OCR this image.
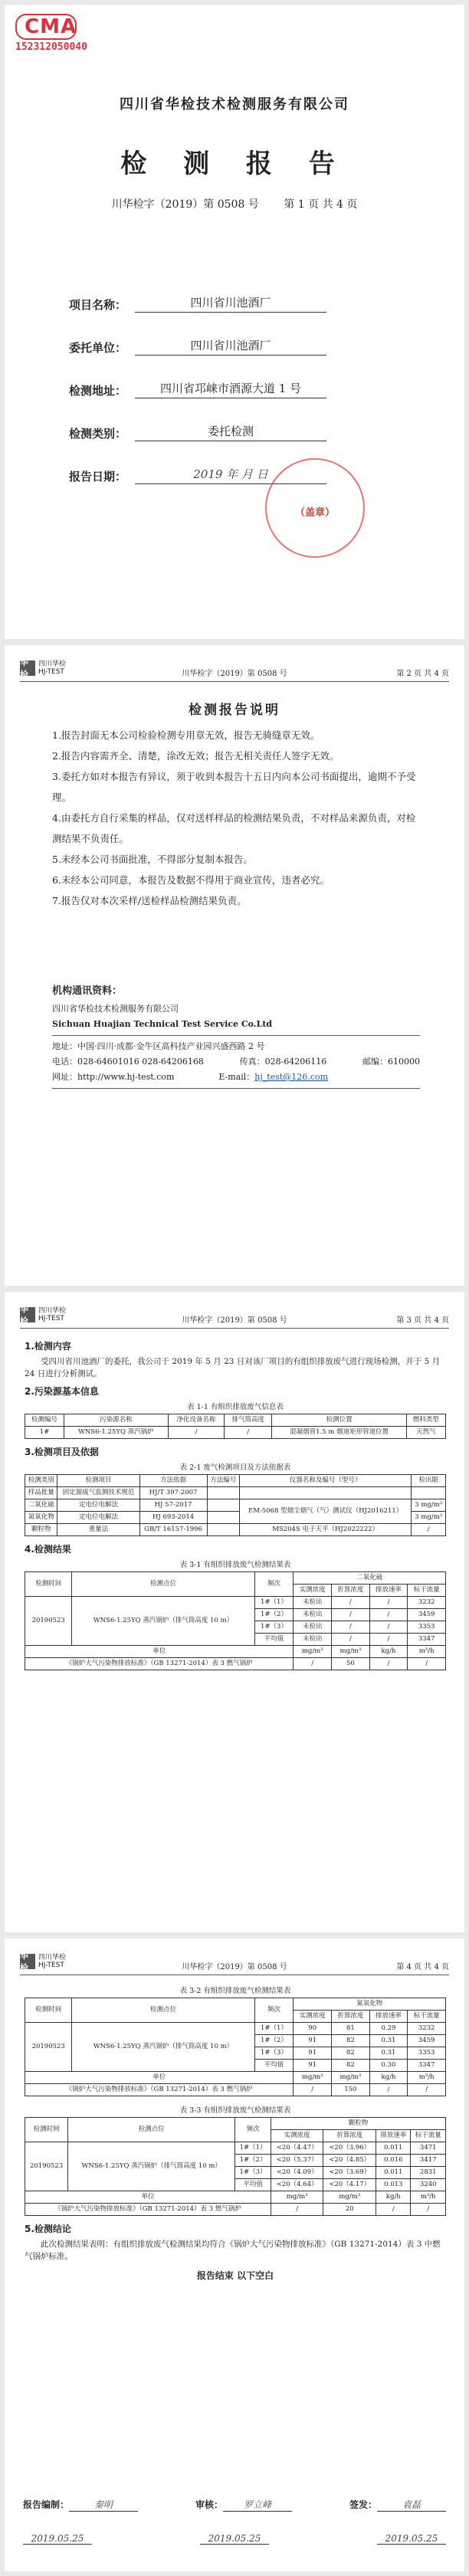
CMA
152312050040
四川省华检技术检测服务有限公司
检 测 报 告
川华检字（2019）第 0508 号 第 1 页 共 4 页
项目名称：	四川省川池酒厂
委托单位：	四川省川池酒厂
检测地址：	四川省邛崃市酒源大道 1 号
检测类别：	委托检测
报告日期：	2019 年 月 日
（盖章）
华检
四川华检
HJ-TEST	川华检字（2019）第 0508 号	第 2 页 共 4 页
检测报告说明
1.报告封面无本公司检验检测专用章无效，报告无骑缝章无效。
2.报告内容需齐全、清楚，涂改无效；报告无相关责任人签字无效。
3.委托方如对本报告有异议，须于收到本报告十五日内向本公司书面提出，逾期不予受理。
4.由委托方自行采集的样品，仅对送样样品的检测结果负责，不对样品来源负责，对检测结果不负责任。
5.未经本公司书面批准，不得部分复制本报告。
6.未经本公司同意，本报告及数据不得用于商业宣传，违者必究。
7.报告仅对本次采样/送检样品检测结果负责。
机构通讯资料：
四川省华检技术检测服务有限公司
Sichuan Huajian Technical Test Service Co.Ltd
地址：中国·四川·成都·金牛区高科技产业园兴盛西路 2 号
电话：028-64601016 028-64206168	传真：028-64206116	邮编：610000
网址：http://www.hj-test.com	E-mail：hj_test@126.com
华检
四川华检
HJ-TEST	川华检字（2019）第 0508 号	第 3 页 共 4 页
1.检测内容

受四川省川池酒厂的委托，我公司于 2019 年 5 月 23 日对该厂项目的有组织排放废气进行现场检测，并于 5 月 24 日进行分析测试。

2.污染源基本信息
表 1-1 有组织排放废气信息表
检测编号	污染源名称	净化设备名称	排气筒高度	检测位置	燃料类型
1#	WNS6-1.25YQ 蒸汽锅炉	/	/	混凝烟管1.5 m 烟道矩形管道位置	天然气
3.检测项目及依据
表 2-1 废气检测项目及方法依据表
检测类别	检测项目	方法依据	方法编号	仪器名称及编号（型号）	检出限
样品批量	固定源废气监测技术规范	HJ/T 397-2007			
二氧化硫	定电位电解法	HJ 57-2017		EM-5068 型烟尘烟气（气）测试仪（HJ2016211）	3 mg/m³
氮氧化物	定电位电解法	HJ 693-2014			3 mg/m³
颗粒物	重量法	GB/T 16157-1996		MS204S 电子天平（HJ2022222）	/
4.检测结果
表 3-1 有组织排放废气检测结果表
检测时间	检测点位	频次	二氧化硫			
			实测浓度	折算浓度	排放速率	标干流量
20190523	WNS6-1.25YQ 蒸汽锅炉（排气筒高度 10 m）	1#（1）	未检出	/	/	3232
		1#（2）	未检出	/	/	3459
		1#（3）	未检出	/	/	3353
		平均值	未检出	/	/	3347
单位			mg/m³	mg/m³	kg/h	m³/h
《锅炉大气污染物排放标准》（GB 13271-2014）表 3 燃气锅炉			/	50	/	/
华检
四川华检
HJ-TEST	川华检字（2019）第 0508 号	第 4 页 共 4 页
表 3-2 有组织排放废气检测结果表
检测时间	检测点位	频次	氮氧化物			
			实测浓度	折算浓度	排放速率	标干流量
20190523	WNS6-1.25YQ 蒸汽锅炉（排气筒高度 10 m）	1#（1）	90	81	0.29	3232
		1#（2）	91	82	0.31	3459
		1#（3）	91	82	0.31	3353
		平均值	91	82	0.30	3347
单位			mg/m³	mg/m³	kg/h	m³/h
《锅炉大气污染物排放标准》（GB 13271-2014）表 3 燃气锅炉			/	150	/	/
表 3-3 有组织排放废气检测结果表
检测时间	检测点位	频次	颗粒物			
			实测浓度	折算浓度	排放速率	标干流量
20190523	WNS6-1.25YQ 蒸汽锅炉（排气筒高度 10 m）	1#（1）	<20（4.47）	<20（3.96）	0.011	3471
		1#（2）	<20（5.37）	<20（4.85）	0.016	3417
		1#（3）	<20（4.09）	<20（3.69）	0.011	2831
		平均值	<20（4.64）	<20（4.17）	0.013	3240
单位			mg/m³	mg/m³	kg/h	m³/h
《锅炉大气污染物排放标准》（GB 13271-2014）表 3 燃气锅炉			/	20	/	/
5.检测结论

此次检测结果表明：有组织排放废气检测结果均符合《锅炉大气污染物排放标准》（GB 13271-2014）表 3 中燃气锅炉标准。

报告结束 以下空白
报告编制：	秦明	审核： 罗立峰	签发：	袁磊
2019.05.25	2019.05.25	2019.05.25
